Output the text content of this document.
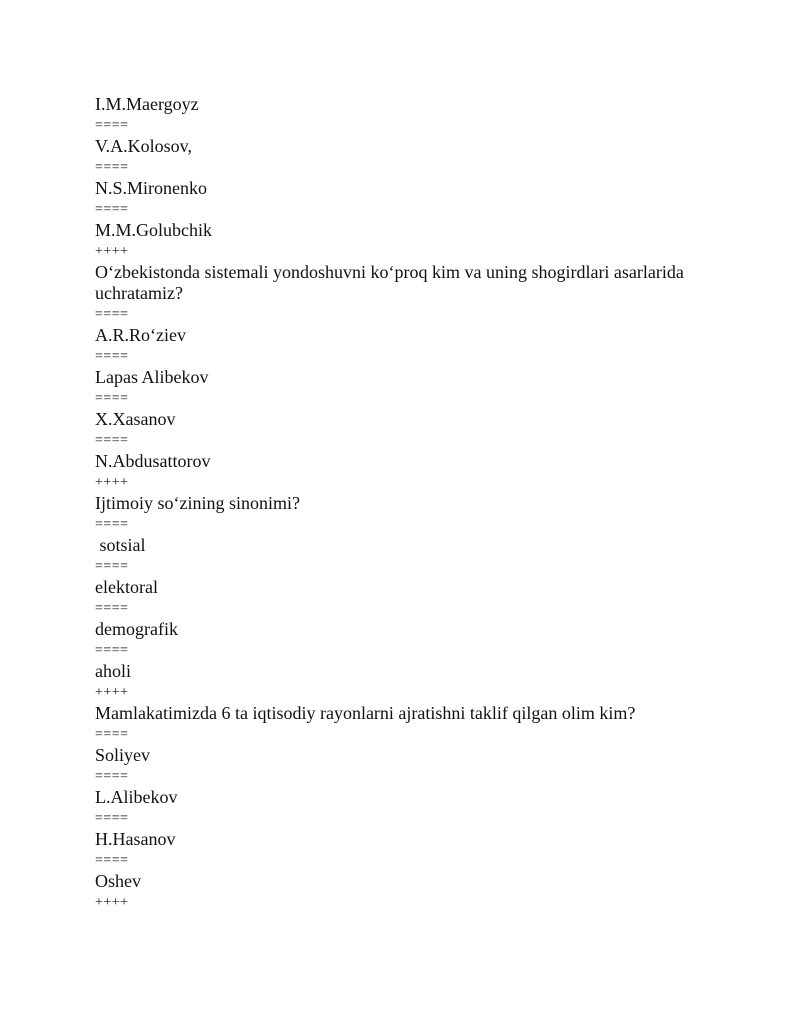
I.M.Maergoyz
====
V.A.Kolosov,
====
N.S.Mironenko
====
M.M.Golubchik
++++
O‘zbekistonda sistemali yondoshuvni ko‘proq kim va uning shogirdlari asarlarida uchratamiz?
====
A.R.Ro‘ziev
====
Lapas Alibekov
====
X.Xasanov
====
N.Abdusattorov
++++
Ijtimoiy so‘zining sinonimi?
====
sotsial
====
elektoral
====
demografik
====
aholi
++++
Mamlakatimizda 6 ta iqtisodiy rayonlarni ajratishni taklif qilgan olim kim?
====
Soliyev
====
L.Alibekov
====
H.Hasanov
====
Oshev
++++
